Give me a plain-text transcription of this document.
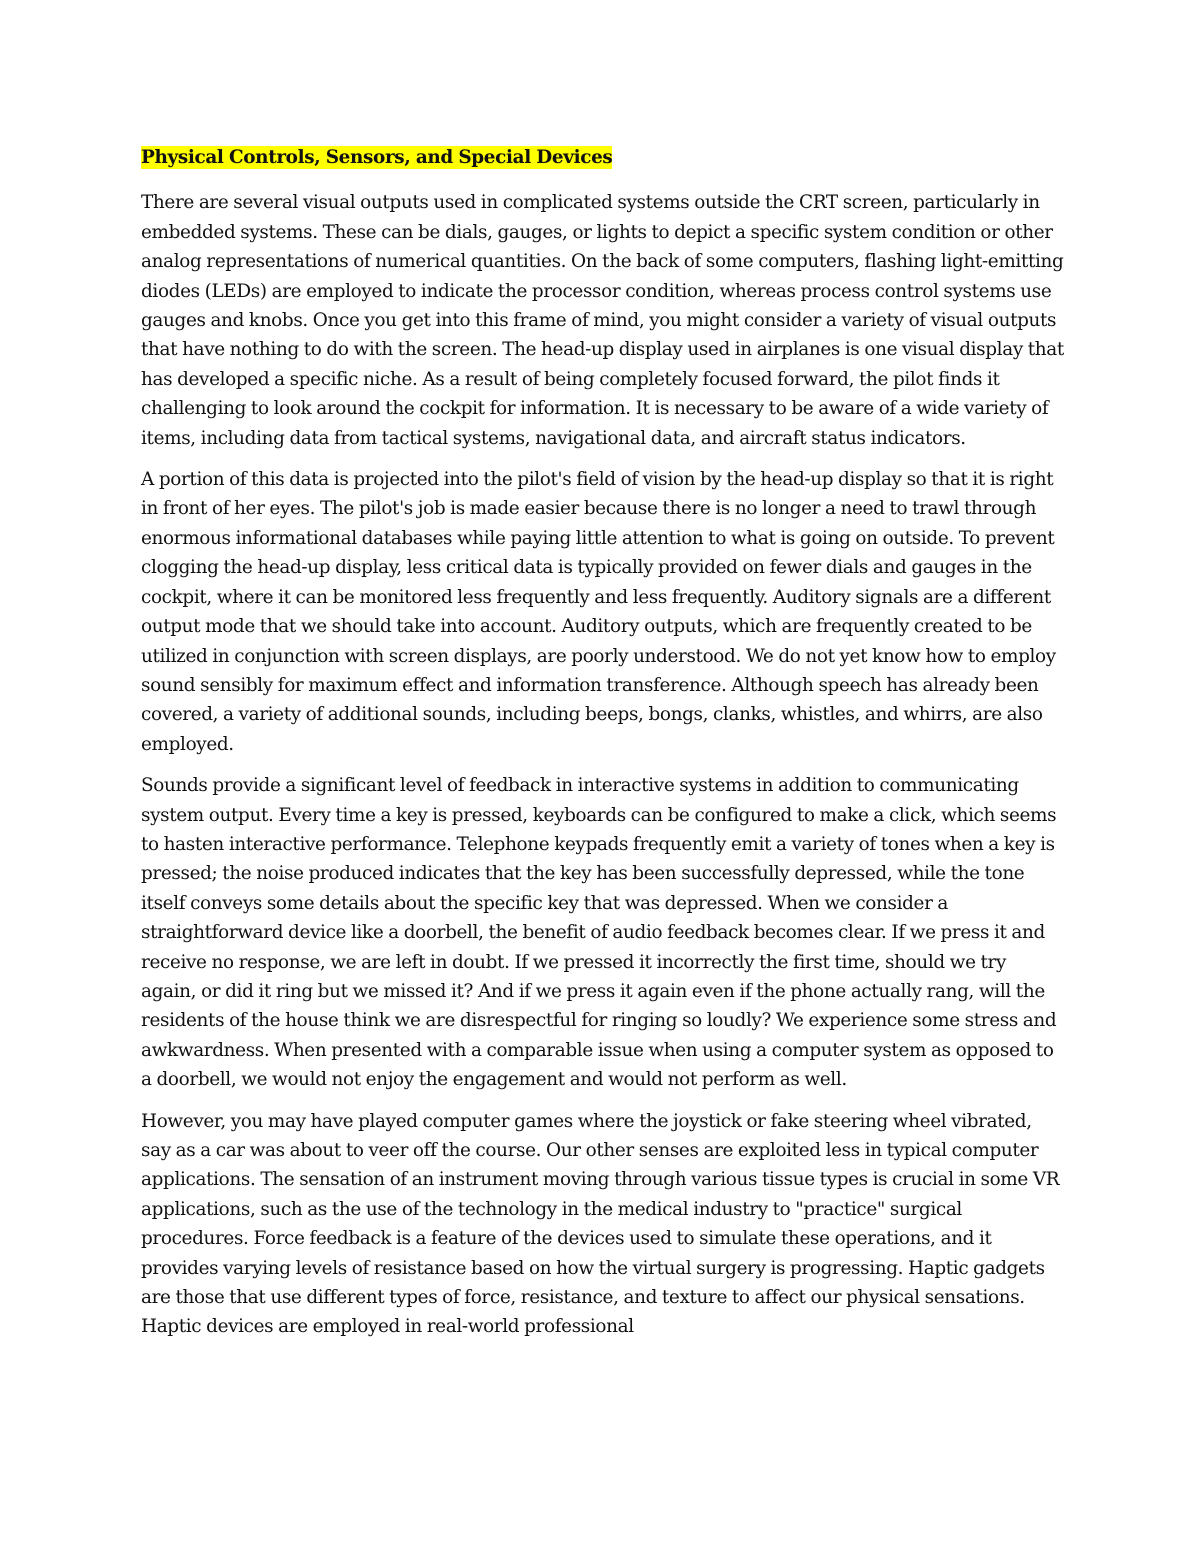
Physical Controls, Sensors, and Special Devices

There are several visual outputs used in complicated systems outside the CRT screen, particularly in embedded systems. These can be dials, gauges, or lights to depict a specific system condition or other analog representations of numerical quantities. On the back of some computers, flashing light-emitting diodes (LEDs) are employed to indicate the processor condition, whereas process control systems use gauges and knobs. Once you get into this frame of mind, you might consider a variety of visual outputs that have nothing to do with the screen. The head-up display used in airplanes is one visual display that has developed a specific niche. As a result of being completely focused forward, the pilot finds it challenging to look around the cockpit for information. It is necessary to be aware of a wide variety of items, including data from tactical systems, navigational data, and aircraft status indicators.

A portion of this data is projected into the pilot's field of vision by the head-up display so that it is right in front of her eyes. The pilot's job is made easier because there is no longer a need to trawl through enormous informational databases while paying little attention to what is going on outside. To prevent clogging the head-up display, less critical data is typically provided on fewer dials and gauges in the cockpit, where it can be monitored less frequently and less frequently. Auditory signals are a different output mode that we should take into account. Auditory outputs, which are frequently created to be utilized in conjunction with screen displays, are poorly understood. We do not yet know how to employ sound sensibly for maximum effect and information transference. Although speech has already been covered, a variety of additional sounds, including beeps, bongs, clanks, whistles, and whirrs, are also employed.

Sounds provide a significant level of feedback in interactive systems in addition to communicating system output. Every time a key is pressed, keyboards can be configured to make a click, which seems to hasten interactive performance. Telephone keypads frequently emit a variety of tones when a key is pressed; the noise produced indicates that the key has been successfully depressed, while the tone itself conveys some details about the specific key that was depressed. When we consider a straightforward device like a doorbell, the benefit of audio feedback becomes clear. If we press it and receive no response, we are left in doubt. If we pressed it incorrectly the first time, should we try again, or did it ring but we missed it? And if we press it again even if the phone actually rang, will the residents of the house think we are disrespectful for ringing so loudly? We experience some stress and awkwardness. When presented with a comparable issue when using a computer system as opposed to a doorbell, we would not enjoy the engagement and would not perform as well.

However, you may have played computer games where the joystick or fake steering wheel vibrated, say as a car was about to veer off the course. Our other senses are exploited less in typical computer applications. The sensation of an instrument moving through various tissue types is crucial in some VR applications, such as the use of the technology in the medical industry to "practice" surgical procedures. Force feedback is a feature of the devices used to simulate these operations, and it provides varying levels of resistance based on how the virtual surgery is progressing. Haptic gadgets are those that use different types of force, resistance, and texture to affect our physical sensations. Haptic devices are employed in real-world professional
